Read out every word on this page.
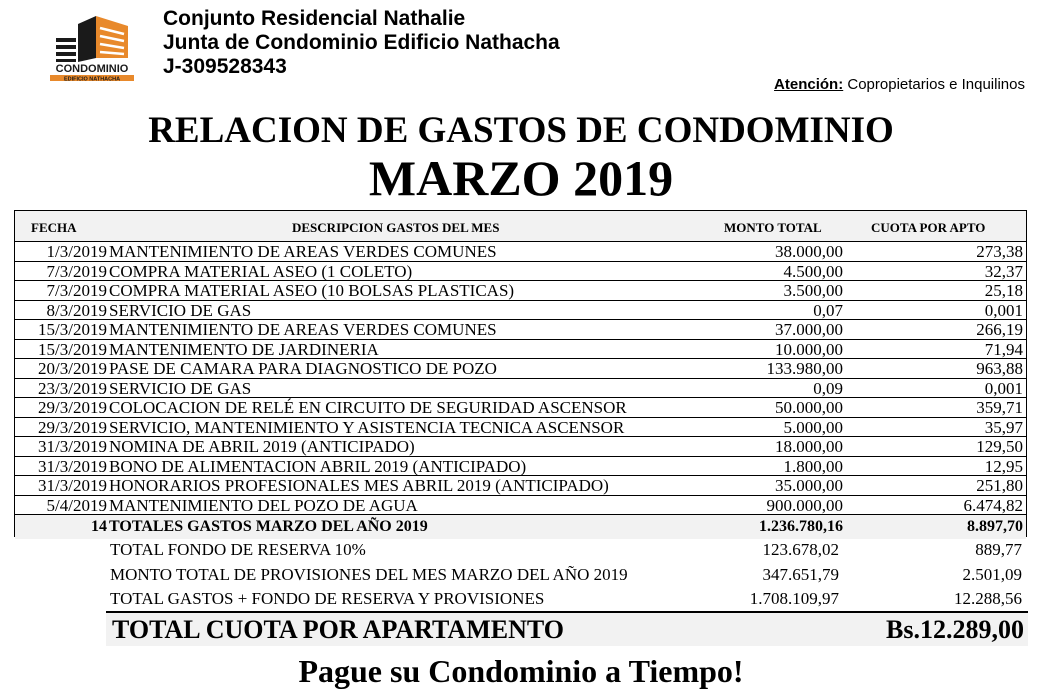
CONDOMINIO
EDIFICIO NATHACHA
Conjunto Residencial Nathalie
Junta de Condominio Edificio Nathacha
J-309528343
Atención: Copropietarios e Inquilinos
RELACION DE GASTOS DE CONDOMINIO
MARZO 2019
FECHA	DESCRIPCION GASTOS DEL MES	MONTO TOTAL	CUOTA POR APTO
1/3/2019 MANTENIMIENTO DE AREAS VERDES COMUNES	38.000,00	273,38
7/3/2019 COMPRA MATERIAL ASEO (1 COLETO)	4.500,00	32,37
7/3/2019 COMPRA MATERIAL ASEO (10 BOLSAS PLASTICAS)	3.500,00	25,18
8/3/2019 SERVICIO DE GAS	0,07	0,001
15/3/2019 MANTENIMIENTO DE AREAS VERDES COMUNES	37.000,00	266,19
15/3/2019 MANTENIMENTO DE JARDINERIA	10.000,00	71,94
20/3/2019 PASE DE CAMARA PARA DIAGNOSTICO DE POZO	133.980,00	963,88
23/3/2019 SERVICIO DE GAS	0,09	0,001
29/3/2019 COLOCACION DE RELÉ EN CIRCUITO DE SEGURIDAD ASCENSOR	50.000,00	359,71
29/3/2019 SERVICIO, MANTENIMIENTO Y ASISTENCIA TECNICA ASCENSOR	5.000,00	35,97
31/3/2019 NOMINA DE ABRIL 2019 (ANTICIPADO)	18.000,00	129,50
31/3/2019 BONO DE ALIMENTACION ABRIL 2019 (ANTICIPADO)	1.800,00	12,95
31/3/2019 HONORARIOS PROFESIONALES MES ABRIL 2019 (ANTICIPADO)	35.000,00	251,80
5/4/2019 MANTENIMIENTO DEL POZO DE AGUA	900.000,00	6.474,82
14 TOTALES GASTOS MARZO DEL AÑO 2019	1.236.780,16	8.897,70
TOTAL FONDO DE RESERVA 10%	123.678,02	889,77
MONTO TOTAL DE PROVISIONES DEL MES MARZO DEL AÑO 2019	347.651,79	2.501,09
TOTAL GASTOS + FONDO DE RESERVA Y PROVISIONES	1.708.109,97	12.288,56
TOTAL CUOTA POR APARTAMENTO	Bs.12.289,00
Pague su Condominio a Tiempo!
